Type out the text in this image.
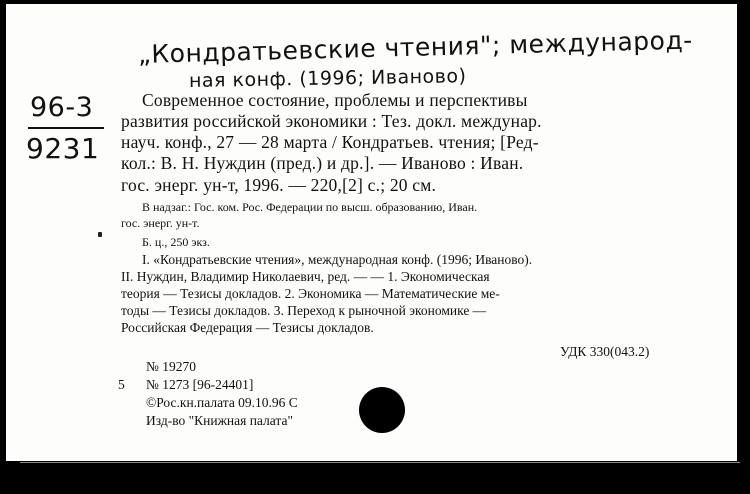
„Кондратьевские чтения"; международ-
ная конф. (1996; Иваново)
96-3
9231
Современное состояние, проблемы и перспективы
развития российской экономики : Тез. докл. междунар.
науч. конф., 27 — 28 марта / Кондратьев. чтения; [Ред-
кол.: В. Н. Нуждин (пред.) и др.]. — Иваново : Иван.
гос. энерг. ун-т, 1996. — 220,[2] с.; 20 см.
В надзаг.: Гос. ком. Рос. Федерации по высш. образованию, Иван.
гос. энерг. ун-т.
Б. ц., 250 экз.
I. «Кондратьевские чтения», международная конф. (1996; Иваново).
II. Нуждин, Владимир Николаевич, ред. — — 1. Экономическая
теория — Тезисы докладов. 2. Экономика — Математические ме-
тоды — Тезисы докладов. 3. Переход к рыночной экономике —
Российская Федерация — Тезисы докладов.
УДК 330(043.2)
№ 19270
5 № 1273 [96-24401]
©Рос.кн.палата 09.10.96 С
Изд-во "Книжная палата"
